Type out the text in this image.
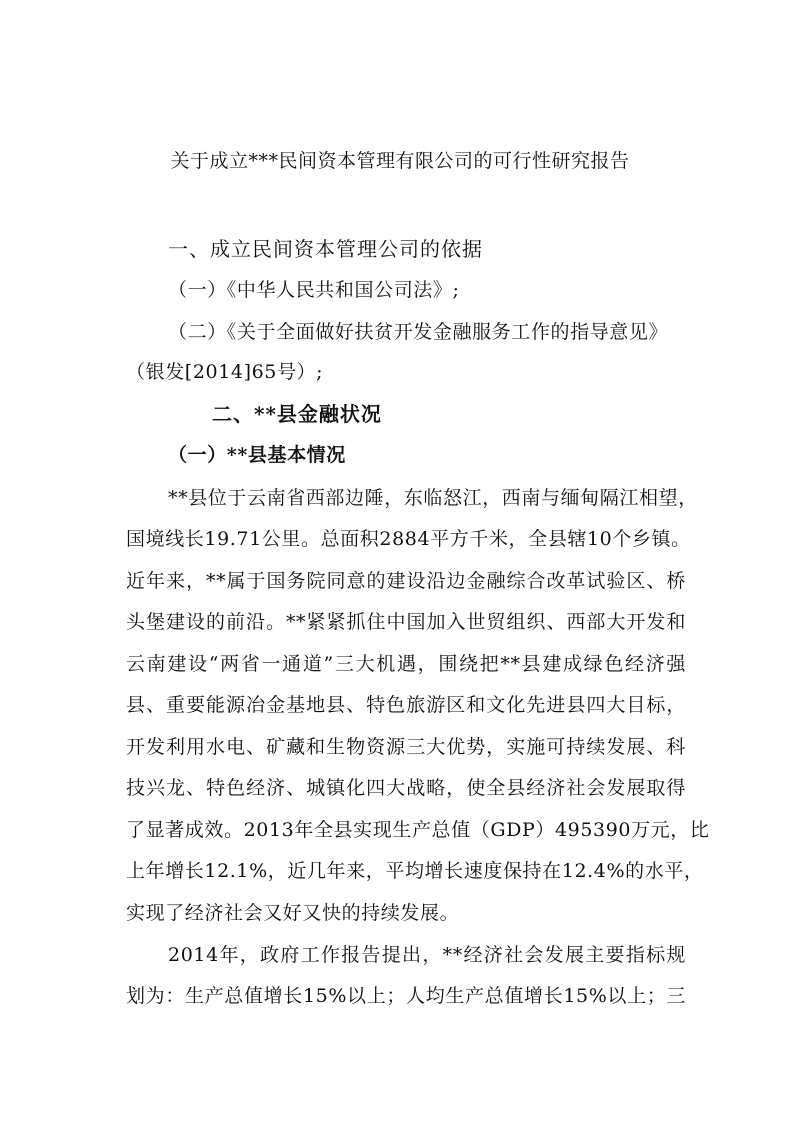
关于成立***民间资本管理有限公司的可行性研究报告
一、成立民间资本管理公司的依据
（一）《中华人民共和国公司法》;
（二）《关于全面做好扶贫开发金融服务工作的指导意见》
（银发[2014]65号）;
二、**县金融状况
（一）**县基本情况
**县位于云南省西部边陲，东临怒江，西南与缅甸隔江相望，
国境线长19.71公里。总面积2884平方千米，全县辖10个乡镇。
近年来，**属于国务院同意的建设沿边金融综合改革试验区、桥
头堡建设的前沿。**紧紧抓住中国加入世贸组织、西部大开发和
云南建设“两省一通道”三大机遇，围绕把**县建成绿色经济强
县、重要能源冶金基地县、特色旅游区和文化先进县四大目标，
开发利用水电、矿藏和生物资源三大优势，实施可持续发展、科
技兴龙、特色经济、城镇化四大战略，使全县经济社会发展取得
了显著成效。2013年全县实现生产总值（GDP）495390万元，比
上年增长12.1%，近几年来，平均增长速度保持在12.4%的水平，
实现了经济社会又好又快的持续发展。
2014年，政府工作报告提出，**经济社会发展主要指标规
划为：生产总值增长15%以上；人均生产总值增长15%以上；三
